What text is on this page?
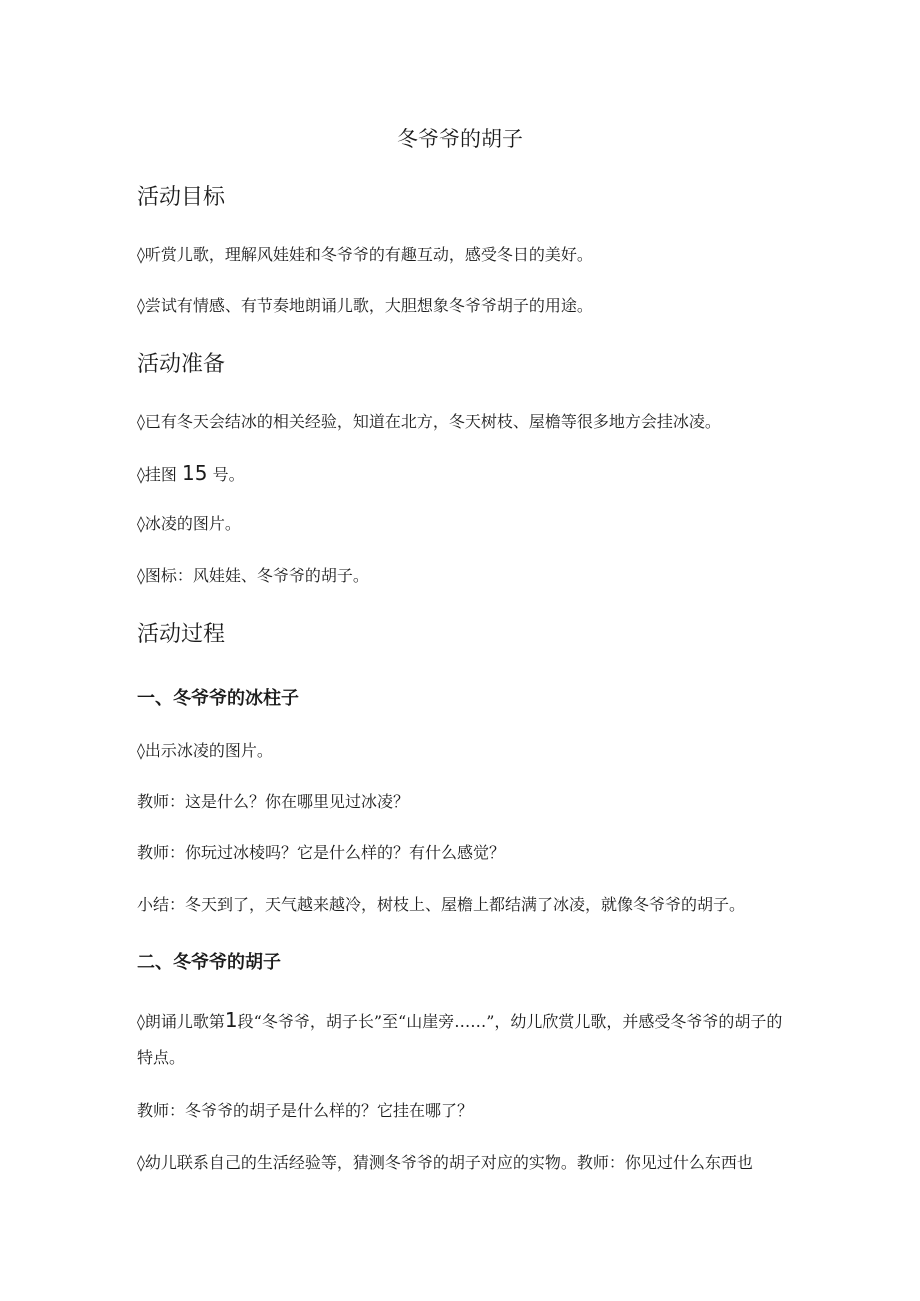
冬爷爷的胡子
活动目标
◊听赏儿歌，理解风娃娃和冬爷爷的有趣互动，感受冬日的美好。
◊尝试有情感、有节奏地朗诵儿歌，大胆想象冬爷爷胡子的用途。
活动准备
◊已有冬天会结冰的相关经验，知道在北方，冬天树枝、屋檐等很多地方会挂冰凌。
◊挂图 15 号。
◊冰凌的图片。
◊图标：风娃娃、冬爷爷的胡子。
活动过程
一、冬爷爷的冰柱子
◊出示冰凌的图片。
教师：这是什么？你在哪里见过冰凌？
教师：你玩过冰棱吗？它是什么样的？有什么感觉？
小结：冬天到了，天气越来越冷，树枝上、屋檐上都结满了冰凌，就像冬爷爷的胡子。
二、冬爷爷的胡子
◊朗诵儿歌第1段“冬爷爷，胡子长”至“山崖旁……”，幼儿欣赏儿歌，并感受冬爷爷的胡子的特点。
教师：冬爷爷的胡子是什么样的？它挂在哪了？
◊幼儿联系自己的生活经验等，猜测冬爷爷的胡子对应的实物。教师：你见过什么东西也
